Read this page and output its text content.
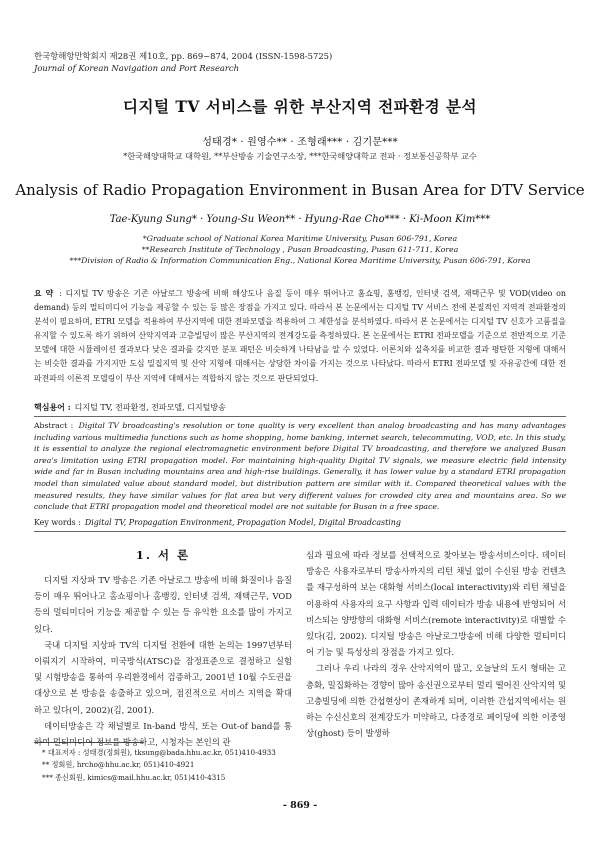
한국항해항만학회지 제28권 제10호, pp. 869~874, 2004 (ISSN-1598-5725)
Journal of Korean Navigation and Port Research
디지털 TV 서비스를 위한 부산지역 전파환경 분석
성태경* · 원영수** · 조형래*** · 김기문***
*한국해양대학교 대학원, **부산방송 기술연구소장, ***한국해양대학교 전파 · 정보통신공학부 교수
Analysis of Radio Propagation Environment in Busan Area for DTV Service
Tae-Kyung Sung* · Young-Su Weon** · Hyung-Rae Cho*** · Ki-Moon Kim***
*Graduate school of National Korea Maritime University, Pusan 606-791, Korea
**Research Institute of Technology , Pusan Broadcasting, Pusan 611-711, Korea
***Division of Radio & Information Communication Eng., National Korea Maritime University, Pusan 606-791, Korea
요 약 : 디지털 TV 방송은 기존 아날로그 방송에 비해 해상도나 음질 등이 매우 뛰어나고 홈쇼핑, 홈뱅킹, 인터넷 검색, 재택근무 및 VOD(video on demand) 등의 멀티미디어 기능을 제공할 수 있는 등 많은 장점을 가지고 있다. 따라서 본 논문에서는 디지털 TV 서비스 전에 본질적인 지역적 전파환경의 분석이 필요하며, ETRI 모델을 적용하여 부산지역에 대한 전파모델을 적용하여 그 제한성을 분석하였다. 따라서 본 논문에서는 디지털 TV 신호가 고품질을 유지할 수 있도록 하기 위하여 산악지역과 고층빌딩이 많은 부산지역의 전계강도를 측정하였다. 본 논문에서는 ETRI 전파모델을 기준으로 전반적으로 기준모델에 대한 시뮬레이션 결과보다 낮은 결과를 갖지만 분포 패턴은 비슷하게 나타남을 알 수 있었다. 이론치와 실측치를 비교한 결과 평탄한 지형에 대해서는 비슷한 결과를 가지지만 도심 밀집지역 및 산악 지형에 대해서는 상당한 차이를 가지는 것으로 나타났다. 따라서 ETRI 전파모델 및 자유공간에 대한 전파전파의 이론적 모델링이 부산 지역에 대해서는 적합하지 않는 것으로 판단되었다.
핵심용어 : 디지털 TV, 전파환경, 전파모델, 디지털방송
Abstract : Digital TV broadcasting's resolution or tone quality is very excellent than analog broadcasting and has many advantages including various multimedia functions such as home shopping, home banking, internet search, telecommuting, VOD, etc. In this study, it is essential to analyze the regional electromagnetic environment before Digital TV broadcasting, and therefore we analyzed Busan area's limitation using ETRI propagation model. For maintaining high-quality Digital TV signals, we measure electric field intensity wide and far in Busan including mountains area and high-rise buildings. Generally, it has lower value by a standard ETRI propagation model than simulated value about standard model, but distribution pattern are similar with it. Compared theoretical values with the measured results, they have similar values for flat area but very different values for crowded city area and mountains area. So we conclude that ETRI propagation model and theoretical model are not suitable for Busan in a free space.
Key words : Digital TV, Propagation Environment, Propagation Model, Digital Broadcasting
1. 서 론

디지털 지상파 TV 방송은 기존 아날로그 방송에 비해 화질이나 음질 등이 매우 뛰어나고 홈쇼핑이나 홈뱅킹, 인터넷 검색, 재택근무, VOD 등의 멀티미디어 기능을 제공할 수 있는 등 유익한 요소를 많이 가지고 있다.

국내 디지털 지상파 TV의 디지털 전환에 대한 논의는 1997년부터 이뤄지기 시작하여, 미국방식(ATSC)을 잠정표준으로 결정하고 실험 및 시험방송을 통하여 우리환경에서 검증하고, 2001년 10월 수도권을 대상으로 본 방송을 송출하고 있으며, 점진적으로 서비스 지역을 확대하고 있다(이, 2002)(김, 2001).

데이터방송은 각 채널별로 In-band 방식, 또는 Out-of band를 통하여 멀티미디어 정보를 방송하고, 시청자는 본인의 관

심과 필요에 따라 정보를 선택적으로 찾아보는 방송서비스이다. 데이터방송은 사용자로부터 방송사까지의 리턴 채널 없이 수신된 방송 컨텐츠를 재구성하여 보는 대화형 서비스(local interactivity)와 리턴 채널을 이용하여 사용자의 요구 사항과 입력 데이터가 방송 내용에 반영되어 서비스되는 양방향의 대화형 서비스(remote interactivity)로 대별할 수 있다(김, 2002). 디지털 방송은 아날로그방송에 비해 다양한 멀티미디어 기능 및 특성상의 장점을 가지고 있다.

그러나 우리 나라의 경우 산악지역이 많고, 오늘날의 도시 형태는 고층화, 밀집화하는 경향이 많아 송신권으로부터 멀리 떨어진 산악지역 및 고층빌딩에 의한 간섭현상이 존재하게 되며, 이러한 간섭지역에서는 원하는 수신신호의 전계강도가 미약하고, 다중경로 페이딩에 의한 이중영상(ghost) 등이 발생하

* 대표저자 : 성태경(정회원), tksung@bada.hhu.ac.kr, 051)410-4933
** 정회원, hrcho@hhu.ac.kr, 051)410-4921
*** 종신회원, kimics@mail.hhu.ac.kr, 051)410-4315
- 869 -
